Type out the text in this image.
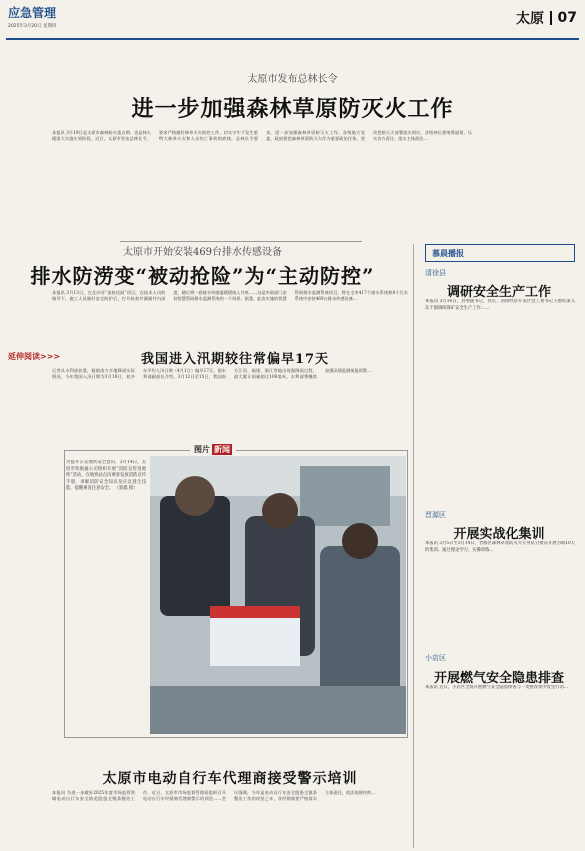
应急管理
2025年3月20日 星期四	太原 07
太原市发布总林长令
进一步加强森林草原防灭火工作
本报讯 3月19日是太原市森林防火重点期，也是林火精准大实施实到阶段。近日，太原市发布总林长令，要求严格做好林草火灾防控工作，切实守牢不发生重特大林草火灾和人员伤亡事故的底线。总林长令要求，进一步加强森林草原防灭火工作。各级地方党委、政府要把森林草原防灭火作为重要政治任务，坚决把防灭火部署落实到位，各级林长要统筹谋划，压实各方责任，落实主体责任...
太原市开始安装469台排水传感设备
排水防涝变“被动抢险”为“主动防控”
本报讯 3月13日，在北沙河“金桂佳园”项目，在技术人员的指导下，施工人员做好安全防护后，打开检查井测量井内深度，随后将一套排水传感器缓缓放入井底……这是市政部门安装智慧管网排水监测系统的一个场景。据悉，此次实施的智慧管网排水监测系统项目，将在全市417个排水系统和8个污水系统中安装469台排水传感设备...
延伸阅读>>>	我国进入汛期较往常偏早17天
记者从水利部获悉，根据南方多地降雨实际情况，今年我国入汛日期为3月18日，较多年平均入汛日期（4月1日）偏早17天。据水利部副部长介绍，3月12日至15日，我国南方江西、福建、浙江等地出现强降雨过程，最大累计雨量超过100毫米，水利部将继续加强汛情监测预报预警...
图片 新闻
为提升公众地铁安全意识，3月14日，太原市铁航通公司组织开展“消防宣传进地铁”活动，在地铁站点向乘客发放消防宣传手册，讲解消防安全知识及应急逃生技能，提醒乘客注意安全。 （郭鑫 摄）
太原市电动自行车代理商接受警示培训
本报讯 为进一步做好2025年度市场监管领域电动自行车安全防范隐患全链条整治工作，近日，太原市市场监督管理局组织召开电动自行车经销商代理商警示培训会……会议强调，今年是电动自行车安全隐患全链条整治工作的攻坚之年，各经销商要严格落实主体责任，依法依规经营...
慕晨播报
清徐县
调研安全生产工作
本报讯 3月16日，县委副书记、县长、清徐经济开发区党工委书记王德旺深入东于镇调研煤矿安全生产工作……
晋源区
开展实战化集训
本报讯 3月5日至3月14日，晋源区森林草原防灭火专业队分批次开展为期10天的集训。通过理论学习、实操训练...
小店区
开展燃气安全隐患排查
本报讯 近日，小店区全面开展燃气安全隐患排查与一类整改集中攻坚行动...
